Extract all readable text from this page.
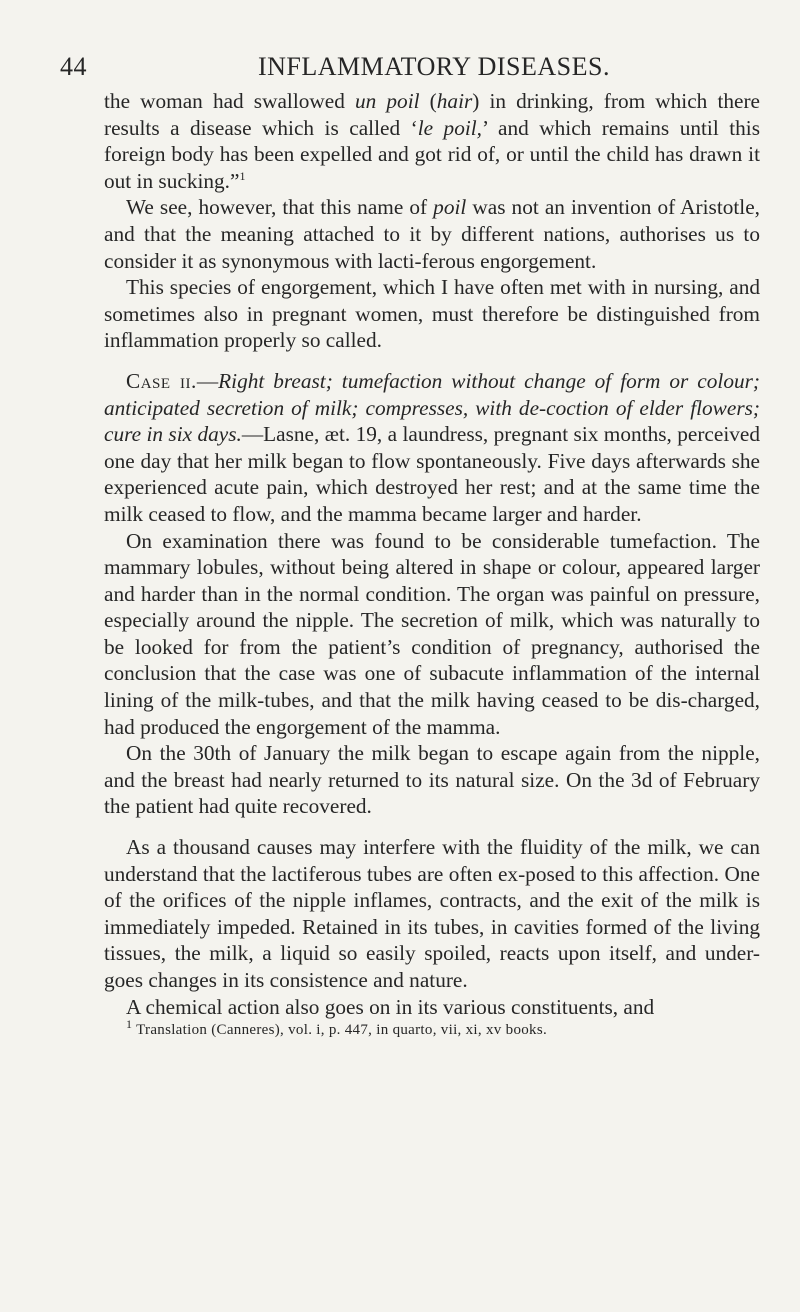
44	INFLAMMATORY DISEASES.

the woman had swallowed un poil (hair) in drinking, from which there results a disease which is called ‘le poil,’ and which remains until this foreign body has been expelled and got rid of, or until the child has drawn it out in sucking.”$^1$

We see, however, that this name of poil was not an invention of Aristotle, and that the meaning attached to it by different nations, authorises us to consider it as synonymous with lacti-ferous engorgement.

This species of engorgement, which I have often met with in nursing, and sometimes also in pregnant women, must therefore be distinguished from inflammation properly so called.

Case ii.—Right breast; tumefaction without change of form or colour; anticipated secretion of milk; compresses, with de-coction of elder flowers; cure in six days.—Lasne, æt. 19, a laundress, pregnant six months, perceived one day that her milk began to flow spontaneously. Five days afterwards she experienced acute pain, which destroyed her rest; and at the same time the milk ceased to flow, and the mamma became larger and harder.

On examination there was found to be considerable tumefaction. The mammary lobules, without being altered in shape or colour, appeared larger and harder than in the normal condition. The organ was painful on pressure, especially around the nipple. The secretion of milk, which was naturally to be looked for from the patient’s condition of pregnancy, authorised the conclusion that the case was one of subacute inflammation of the internal lining of the milk-tubes, and that the milk having ceased to be dis-charged, had produced the engorgement of the mamma.

On the 30th of January the milk began to escape again from the nipple, and the breast had nearly returned to its natural size. On the 3d of February the patient had quite recovered.

As a thousand causes may interfere with the fluidity of the milk, we can understand that the lactiferous tubes are often ex-posed to this affection. One of the orifices of the nipple inflames, contracts, and the exit of the milk is immediately impeded. Retained in its tubes, in cavities formed of the living tissues, the milk, a liquid so easily spoiled, reacts upon itself, and under-goes changes in its consistence and nature.

A chemical action also goes on in its various constituents, and

$^1$ Translation (Canneres), vol. i, p. 447, in quarto, vii, xi, xv books.
